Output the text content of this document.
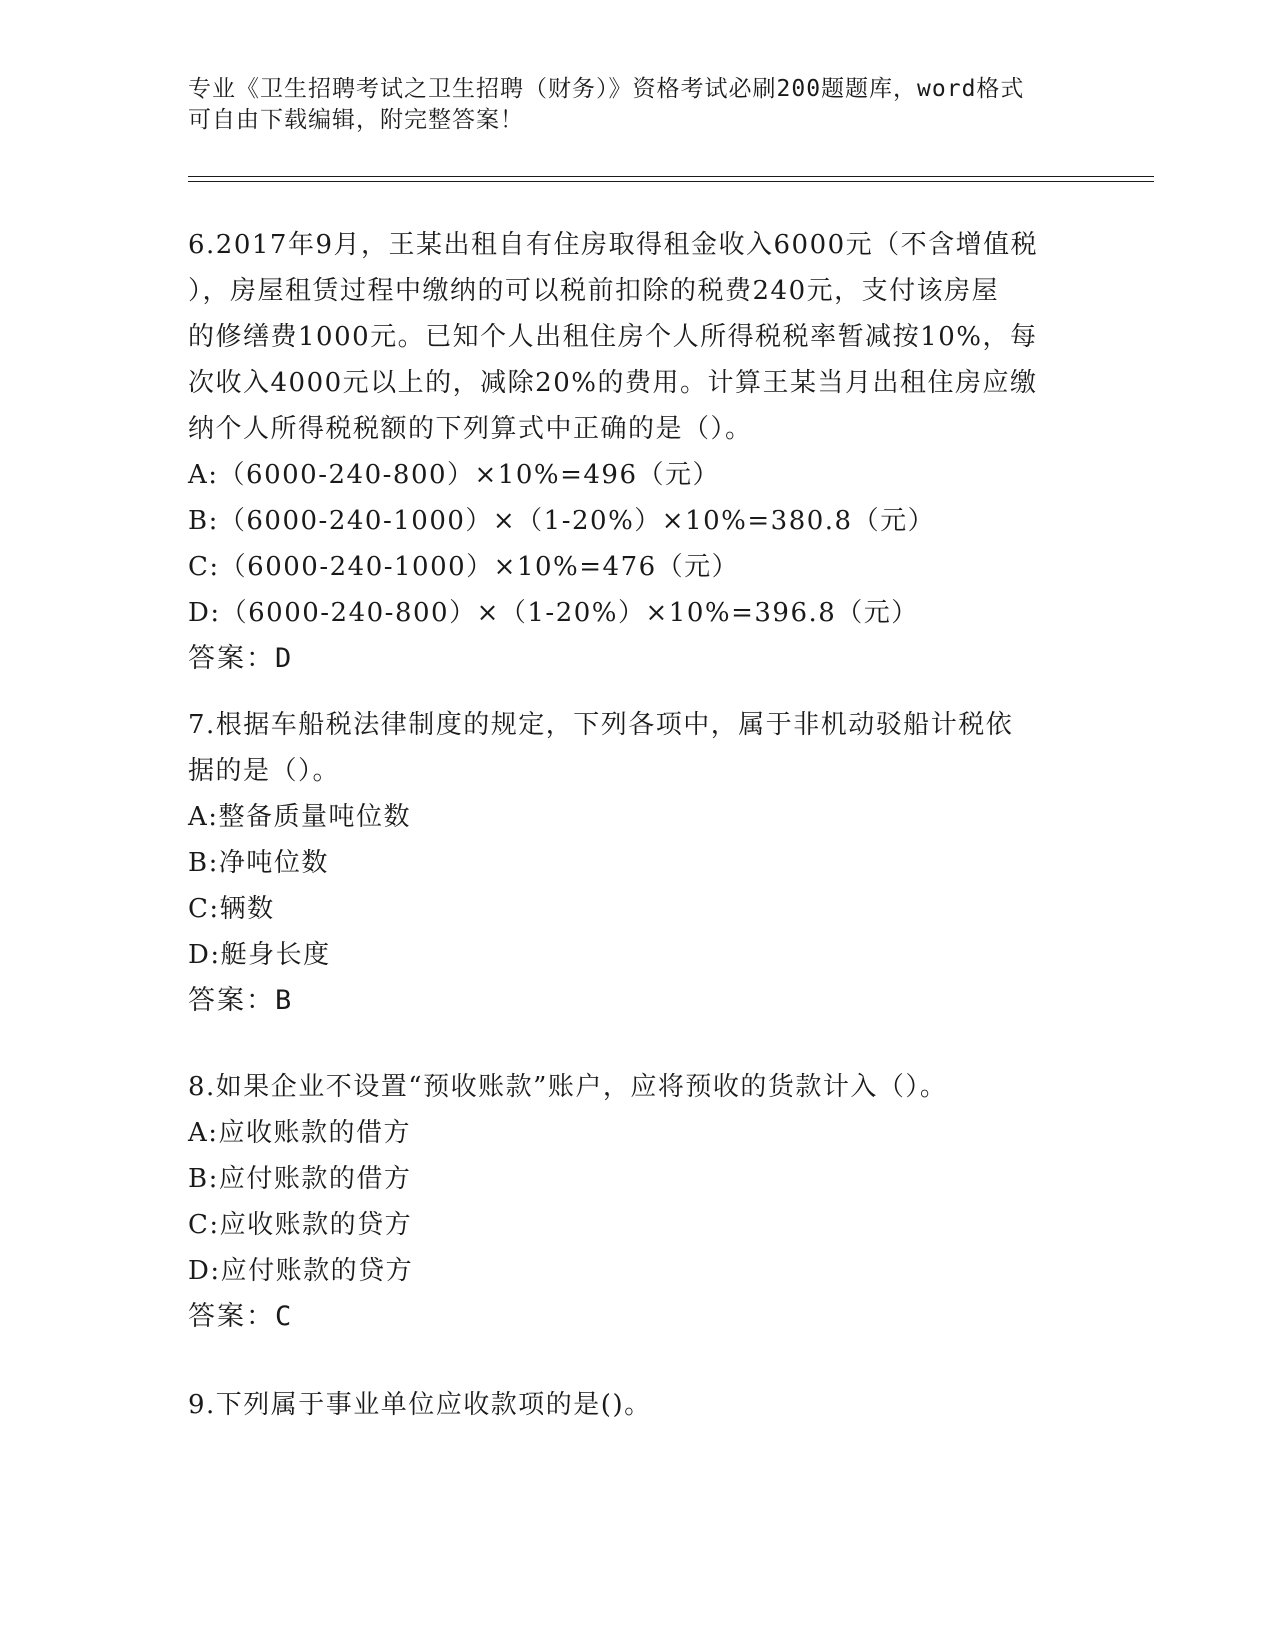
专业《卫生招聘考试之卫生招聘（财务）》资格考试必刷200题题库，word格式
可自由下载编辑，附完整答案！
6.2017年9月，王某出租自有住房取得租金收入6000元（不含增值税
），房屋租赁过程中缴纳的可以税前扣除的税费240元，支付该房屋
的修缮费1000元。已知个人出租住房个人所得税税率暂减按10%，每
次收入4000元以上的，减除20%的费用。计算王某当月出租住房应缴
纳个人所得税税额的下列算式中正确的是（）。
A:（6000-240-800）×10%=496（元）
B:（6000-240-1000）×（1-20%）×10%=380.8（元）
C:（6000-240-1000）×10%=476（元）
D:（6000-240-800）×（1-20%）×10%=396.8（元）
答案 ： D
7.根据车船税法律制度的规定，下列各项中，属于非机动驳船计税依
据的是（）。
A:整备质量吨位数
B:净吨位数
C:辆数
D:艇身长度
答案 ： B
8.如果企业不设置“预收账款”账户，应将预收的货款计入（）。
A:应收账款的借方
B:应付账款的借方
C:应收账款的贷方
D:应付账款的贷方
答案 ： C
9.下列属于事业单位应收款项的是()。
